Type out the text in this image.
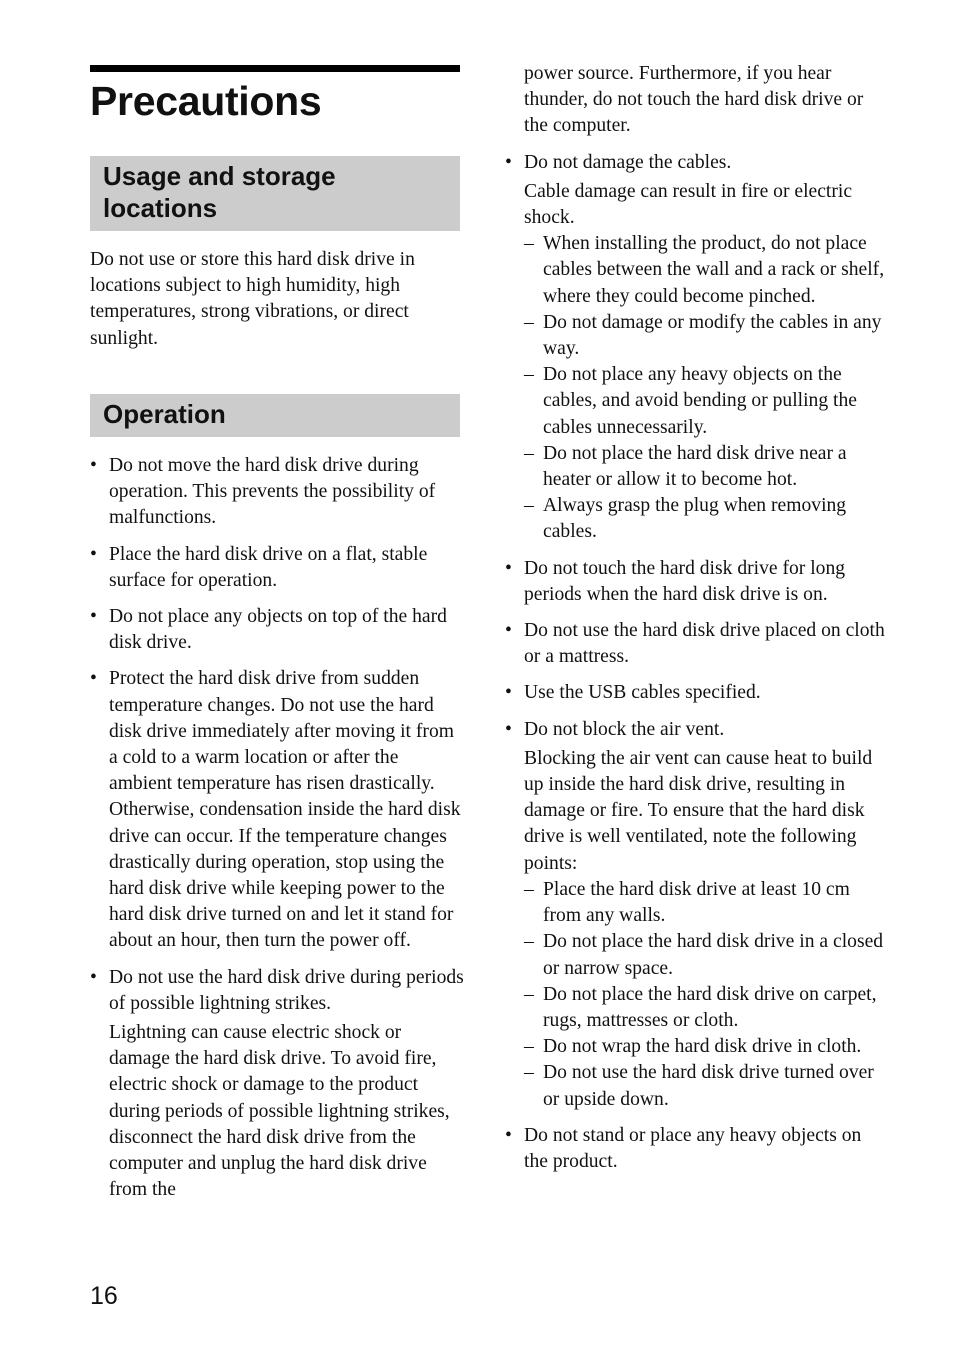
Precautions
Usage and storage locations

Do not use or store this hard disk drive in locations subject to high humidity, high temperatures, strong vibrations, or direct sunlight.

Operation
• Do not move the hard disk drive during operation. This prevents the possibility of malfunctions.
• Place the hard disk drive on a flat, stable surface for operation.
• Do not place any objects on top of the hard disk drive.
• Protect the hard disk drive from sudden temperature changes. Do not use the hard disk drive immediately after moving it from a cold to a warm location or after the ambient temperature has risen drastically. Otherwise, condensation inside the hard disk drive can occur. If the temperature changes drastically during operation, stop using the hard disk drive while keeping power to the hard disk drive turned on and let it stand for about an hour, then turn the power off.
• Do not use the hard disk drive during periods of possible lightning strikes.

Lightning can cause electric shock or damage the hard disk drive. To avoid fire, electric shock or damage to the product during periods of possible lightning strikes, disconnect the hard disk drive from the computer and unplug the hard disk drive from the

power source. Furthermore, if you hear thunder, do not touch the hard disk drive or the computer.

• Do not damage the cables.

Cable damage can result in fire or electric shock.

– When installing the product, do not place cables between the wall and a rack or shelf, where they could become pinched.
– Do not damage or modify the cables in any way.
– Do not place any heavy objects on the cables, and avoid bending or pulling the cables unnecessarily.
– Do not place the hard disk drive near a heater or allow it to become hot.
– Always grasp the plug when removing cables.
• Do not touch the hard disk drive for long periods when the hard disk drive is on.
• Do not use the hard disk drive placed on cloth or a mattress.
• Use the USB cables specified.
• Do not block the air vent.

Blocking the air vent can cause heat to build up inside the hard disk drive, resulting in damage or fire. To ensure that the hard disk drive is well ventilated, note the following points:

– Place the hard disk drive at least 10 cm from any walls.
– Do not place the hard disk drive in a closed or narrow space.
– Do not place the hard disk drive on carpet, rugs, mattresses or cloth.
– Do not wrap the hard disk drive in cloth.
– Do not use the hard disk drive turned over or upside down.
• Do not stand or place any heavy objects on the product.
16
